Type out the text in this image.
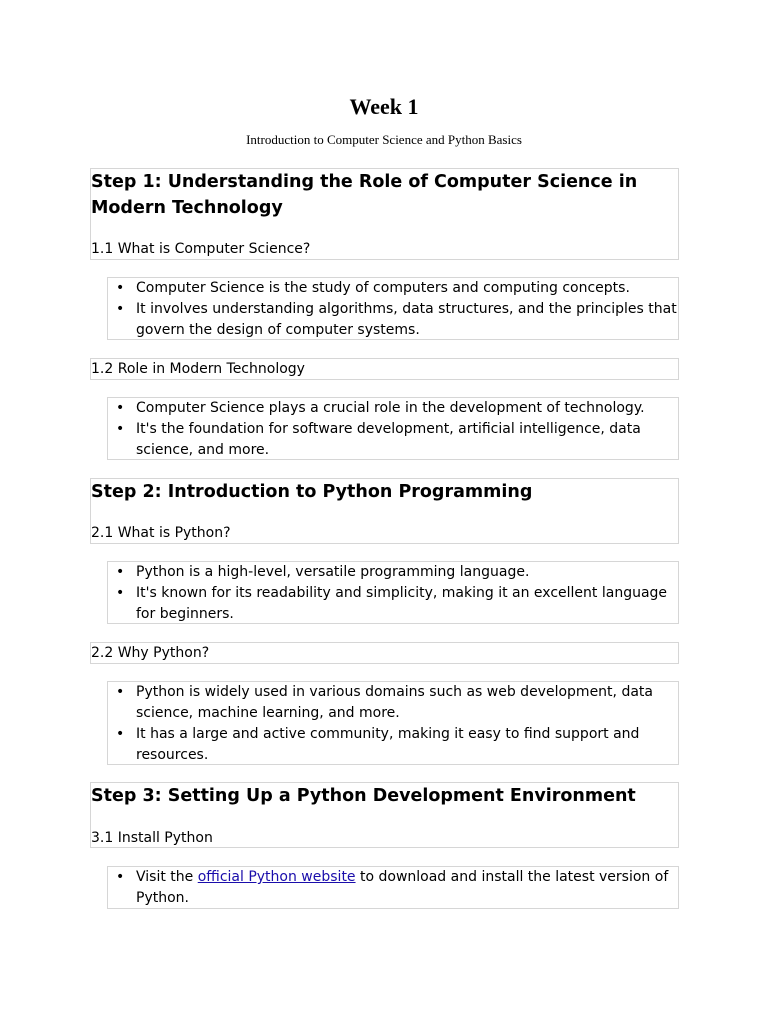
Week 1
Introduction to Computer Science and Python Basics
Step 1: Understanding the Role of Computer Science in Modern Technology
1.1 What is Computer Science?
• Computer Science is the study of computers and computing concepts.
• It involves understanding algorithms, data structures, and the principles that govern the design of computer systems.
1.2 Role in Modern Technology
• Computer Science plays a crucial role in the development of technology.
• It's the foundation for software development, artificial intelligence, data science, and more.
Step 2: Introduction to Python Programming
2.1 What is Python?
• Python is a high-level, versatile programming language.
• It's known for its readability and simplicity, making it an excellent language for beginners.
2.2 Why Python?
• Python is widely used in various domains such as web development, data science, machine learning, and more.
• It has a large and active community, making it easy to find support and resources.
Step 3: Setting Up a Python Development Environment
3.1 Install Python
• Visit the official Python website to download and install the latest version of Python.
